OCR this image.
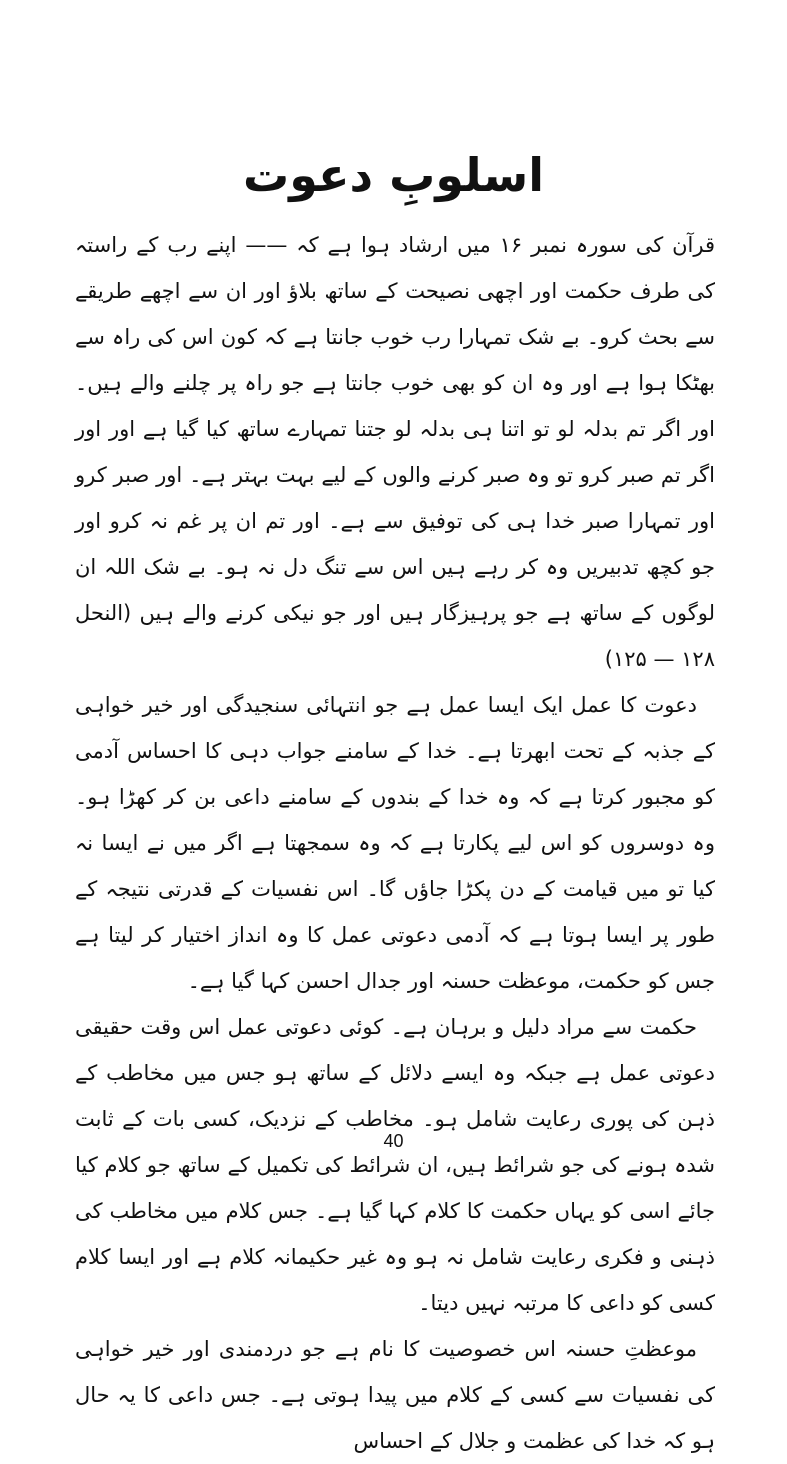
اسلوبِ دعوت

قرآن کی سورہ نمبر ۱۶ میں ارشاد ہوا ہے کہ —— اپنے رب کے راستہ کی طرف حکمت اور اچھی نصیحت کے ساتھ بلاؤ اور ان سے اچھے طریقے سے بحث کرو۔ بے شک تمہارا رب خوب جانتا ہے کہ کون اس کی راہ سے بھٹکا ہوا ہے اور وہ ان کو بھی خوب جانتا ہے جو راہ پر چلنے والے ہیں۔ اور اگر تم بدلہ لو تو اتنا ہی بدلہ لو جتنا تمہارے ساتھ کیا گیا ہے اور اور اگر تم صبر کرو تو وہ صبر کرنے والوں کے لیے بہت بہتر ہے۔ اور صبر کرو اور تمہارا صبر خدا ہی کی توفیق سے ہے۔ اور تم ان پر غم نہ کرو اور جو کچھ تدبیریں وہ کر رہے ہیں اس سے تنگ دل نہ ہو۔ بے شک اللہ ان لوگوں کے ساتھ ہے جو پرہیزگار ہیں اور جو نیکی کرنے والے ہیں (النحل ۱۲۸ — ۱۲۵)

دعوت کا عمل ایک ایسا عمل ہے جو انتہائی سنجیدگی اور خیر خواہی کے جذبہ کے تحت ابھرتا ہے۔ خدا کے سامنے جواب دہی کا احساس آدمی کو مجبور کرتا ہے کہ وہ خدا کے بندوں کے سامنے داعی بن کر کھڑا ہو۔ وہ دوسروں کو اس لیے پکارتا ہے کہ وہ سمجھتا ہے اگر میں نے ایسا نہ کیا تو میں قیامت کے دن پکڑا جاؤں گا۔ اس نفسیات کے قدرتی نتیجہ کے طور پر ایسا ہوتا ہے کہ آدمی دعوتی عمل کا وہ انداز اختیار کر لیتا ہے جس کو حکمت، موعظت حسنہ اور جدال احسن کہا گیا ہے۔

حکمت سے مراد دلیل و برہان ہے۔ کوئی دعوتی عمل اس وقت حقیقی دعوتی عمل ہے جبکہ وہ ایسے دلائل کے ساتھ ہو جس میں مخاطب کے ذہن کی پوری رعایت شامل ہو۔ مخاطب کے نزدیک، کسی بات کے ثابت شدہ ہونے کی جو شرائط ہیں، ان شرائط کی تکمیل کے ساتھ جو کلام کیا جائے اسی کو یہاں حکمت کا کلام کہا گیا ہے۔ جس کلام میں مخاطب کی ذہنی و فکری رعایت شامل نہ ہو وہ غیر حکیمانہ کلام ہے اور ایسا کلام کسی کو داعی کا مرتبہ نہیں دیتا۔

موعظتِ حسنہ اس خصوصیت کا نام ہے جو دردمندی اور خیر خواہی کی نفسیات سے کسی کے کلام میں پیدا ہوتی ہے۔ جس داعی کا یہ حال ہو کہ خدا کی عظمت و جلال کے احساس

40
